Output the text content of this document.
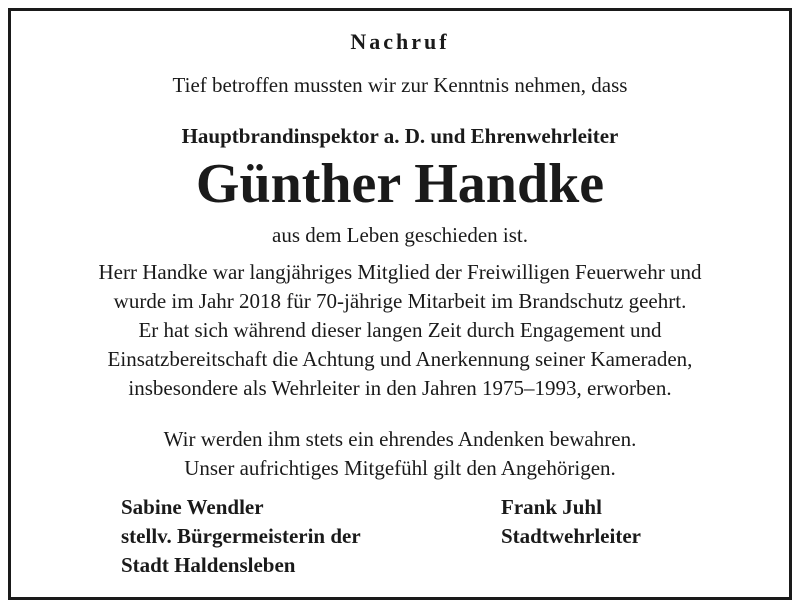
Nachruf
Tief betroffen mussten wir zur Kenntnis nehmen, dass
Hauptbrandinspektor a. D. und Ehrenwehrleiter
Günther Handke
aus dem Leben geschieden ist.
Herr Handke war langjähriges Mitglied der Freiwilligen Feuerwehr und
wurde im Jahr 2018 für 70-jährige Mitarbeit im Brandschutz geehrt.
Er hat sich während dieser langen Zeit durch Engagement und
Einsatzbereitschaft die Achtung und Anerkennung seiner Kameraden,
insbesondere als Wehrleiter in den Jahren 1975–1993, erworben.
Wir werden ihm stets ein ehrendes Andenken bewahren.
Unser aufrichtiges Mitgefühl gilt den Angehörigen.
Sabine Wendler
stellv. Bürgermeisterin der
Stadt Haldensleben
Frank Juhl
Stadtwehrleiter
